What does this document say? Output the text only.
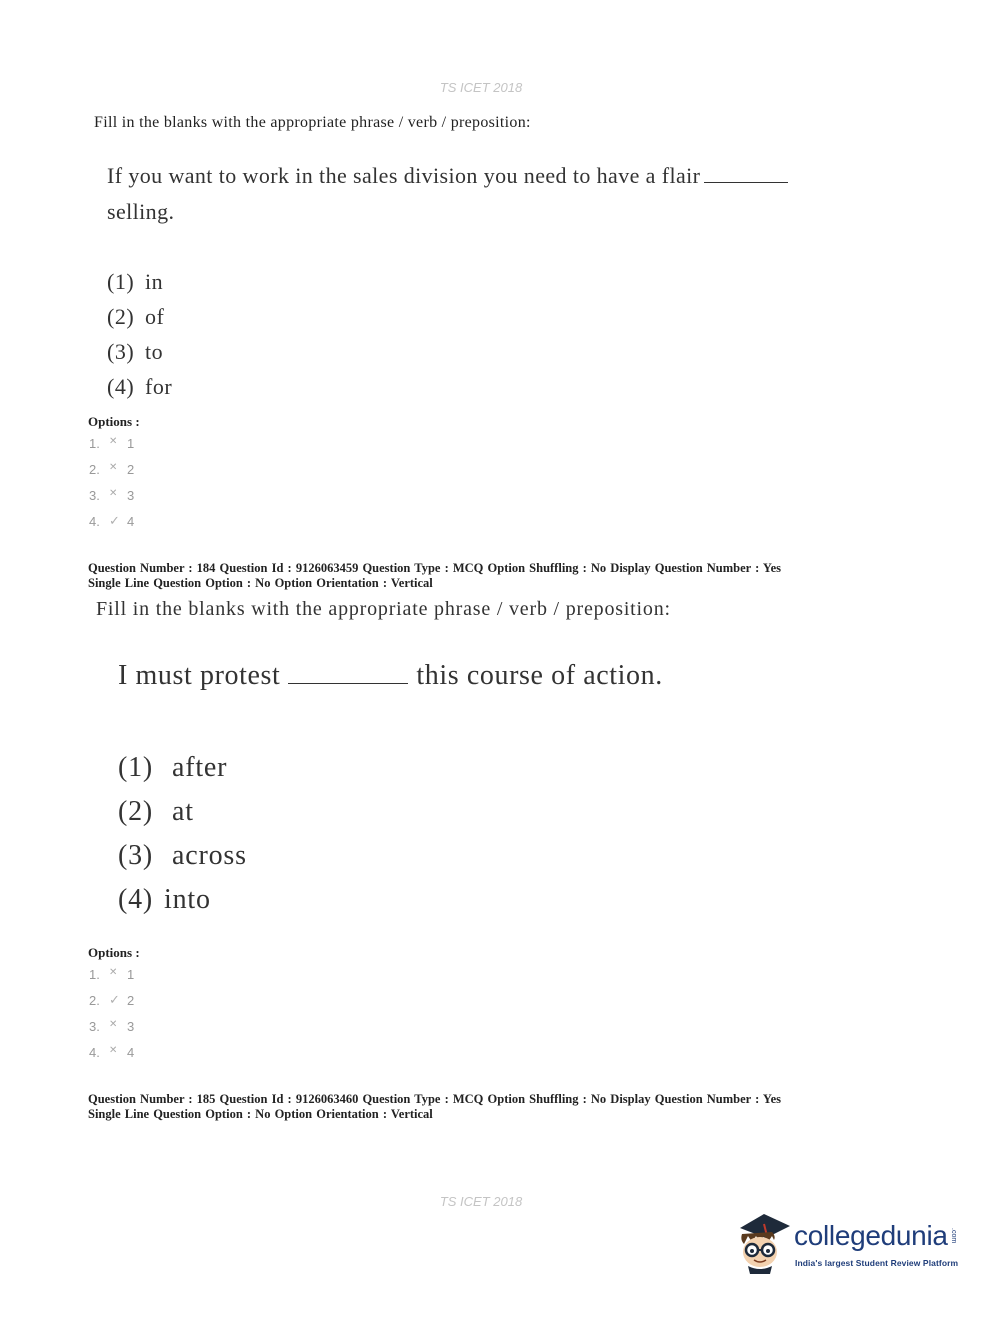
TS ICET 2018
Fill in the blanks with the appropriate phrase / verb / preposition:
If you want to work in the sales division you need to have a flair
selling.
(1) in
(2) of
(3) to
(4) for
Options :
1. ✕ 1
2. ✕ 2
3. ✕ 3
4. ✓ 4
Question Number : 184 Question Id : 9126063459 Question Type : MCQ Option Shuffling : No Display Question Number : Yes
Single Line Question Option : No Option Orientation : Vertical
Fill in the blanks with the appropriate phrase / verb / preposition:
I must protest	this course of action.
(1) after
(2) at
(3) across
(4) into
Options :
1. ✕ 1
2. ✓ 2
3. ✕ 3
4. ✕ 4
Question Number : 185 Question Id : 9126063460 Question Type : MCQ Option Shuffling : No Display Question Number : Yes
Single Line Question Option : No Option Orientation : Vertical
TS ICET 2018
collegedunia .com
India's largest Student Review Platform
